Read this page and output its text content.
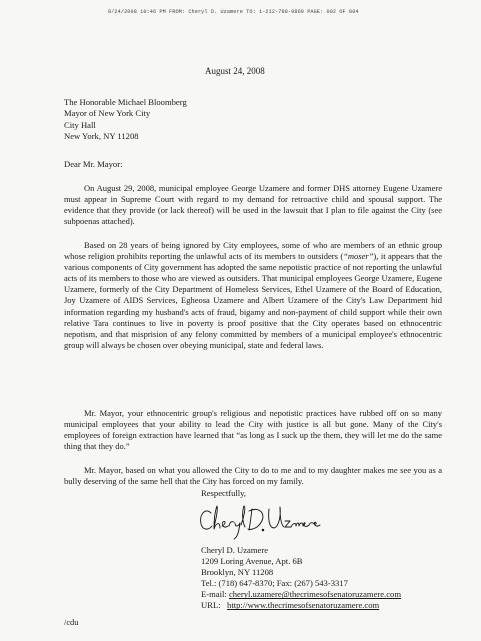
8/24/2008 10:46 PM FROM: Cheryl D. Uzamere TO: 1-212-788-9869 PAGE: 002 OF 004
August 24, 2008
The Honorable Michael Bloomberg
Mayor of New York City
City Hall
New York, NY 11208
Dear Mr. Mayor:

On August 29, 2008, municipal employee George Uzamere and former DHS attorney Eugene Uzamere must appear in Supreme Court with regard to my demand for retroactive child and spousal support. The evidence that they provide (or lack thereof) will be used in the lawsuit that I plan to file against the City (see subpoenas attached).

Based on 28 years of being ignored by City employees, some of who are members of an ethnic group whose religion prohibits reporting the unlawful acts of its members to outsiders (“moser”), it appears that the various components of City government has adopted the same nepotistic practice of not reporting the unlawful acts of its members to those who are viewed as outsiders. That municipal employees George Uzamere, Eugene Uzamere, formerly of the City Department of Homeless Services, Ethel Uzamere of the Board of Education, Joy Uzamere of AIDS Services, Egheosa Uzamere and Albert Uzamere of the City's Law Department hid information regarding my husband's acts of fraud, bigamy and non-payment of child support while their own relative Tara continues to live in poverty is proof positive that the City operates based on ethnocentric nepotism, and that misprision of any felony committed by members of a municipal employee's ethnocentric group will always be chosen over obeying municipal, state and federal laws.

Mr. Mayor, your ethnocentric group's religious and nepotistic practices have rubbed off on so many municipal employees that your ability to lead the City with justice is all but gone. Many of the City's employees of foreign extraction have learned that “as long as I suck up the them, they will let me do the same thing that they do.”

Mr. Mayor, based on what you allowed the City to do to me and to my daughter makes me see you as a bully deserving of the same hell that the City has forced on my family.

Respectfully,
Cheryl D. Uzamere
1209 Loring Avenue, Apt. 6B
Brooklyn, NY 11208
Tel.: (718) 647-8370; Fax: (267) 543-3317
E-mail: cheryl.uzamere@thecrimesofsenatoruzamere.com
URL: http://www.thecrimesofsenatoruzamere.com
/cdu
